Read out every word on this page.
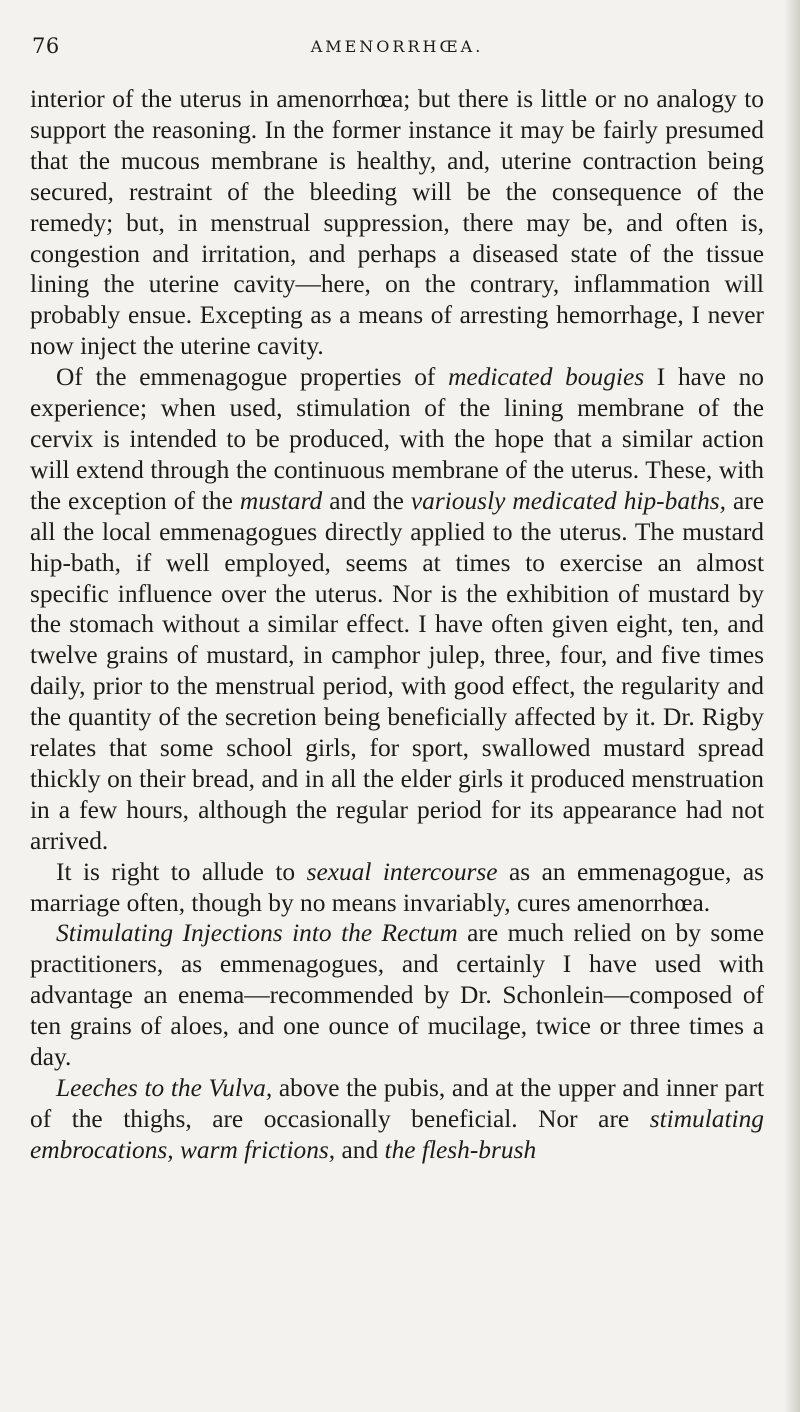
76	AMENORRHŒA.

interior of the uterus in amenorrhœa; but there is little or no analogy to support the reasoning. In the former instance it may be fairly presumed that the mucous membrane is healthy, and, uterine contraction being secured, restraint of the bleeding will be the consequence of the remedy; but, in menstrual suppression, there may be, and often is, congestion and irritation, and perhaps a diseased state of the tissue lining the uterine cavity—here, on the contrary, inflammation will probably ensue. Excepting as a means of arresting hemorrhage, I never now inject the uterine cavity.

Of the emmenagogue properties of medicated bougies I have no experience; when used, stimulation of the lining membrane of the cervix is intended to be produced, with the hope that a similar action will extend through the continuous membrane of the uterus. These, with the exception of the mustard and the variously medicated hip-baths, are all the local emmenagogues directly applied to the uterus. The mustard hip-bath, if well employed, seems at times to exercise an almost specific influence over the uterus. Nor is the exhibition of mustard by the stomach without a similar effect. I have often given eight, ten, and twelve grains of mustard, in camphor julep, three, four, and five times daily, prior to the menstrual period, with good effect, the regularity and the quantity of the secretion being beneficially affected by it. Dr. Rigby relates that some school girls, for sport, swallowed mustard spread thickly on their bread, and in all the elder girls it produced menstruation in a few hours, although the regular period for its appearance had not arrived.

It is right to allude to sexual intercourse as an emmenagogue, as marriage often, though by no means invariably, cures amenorrhœa.

Stimulating Injections into the Rectum are much relied on by some practitioners, as emmenagogues, and certainly I have used with advantage an enema—recommended by Dr. Schonlein—composed of ten grains of aloes, and one ounce of mucilage, twice or three times a day.

Leeches to the Vulva, above the pubis, and at the upper and inner part of the thighs, are occasionally beneficial. Nor are stimulating embrocations, warm frictions, and the flesh-brush
